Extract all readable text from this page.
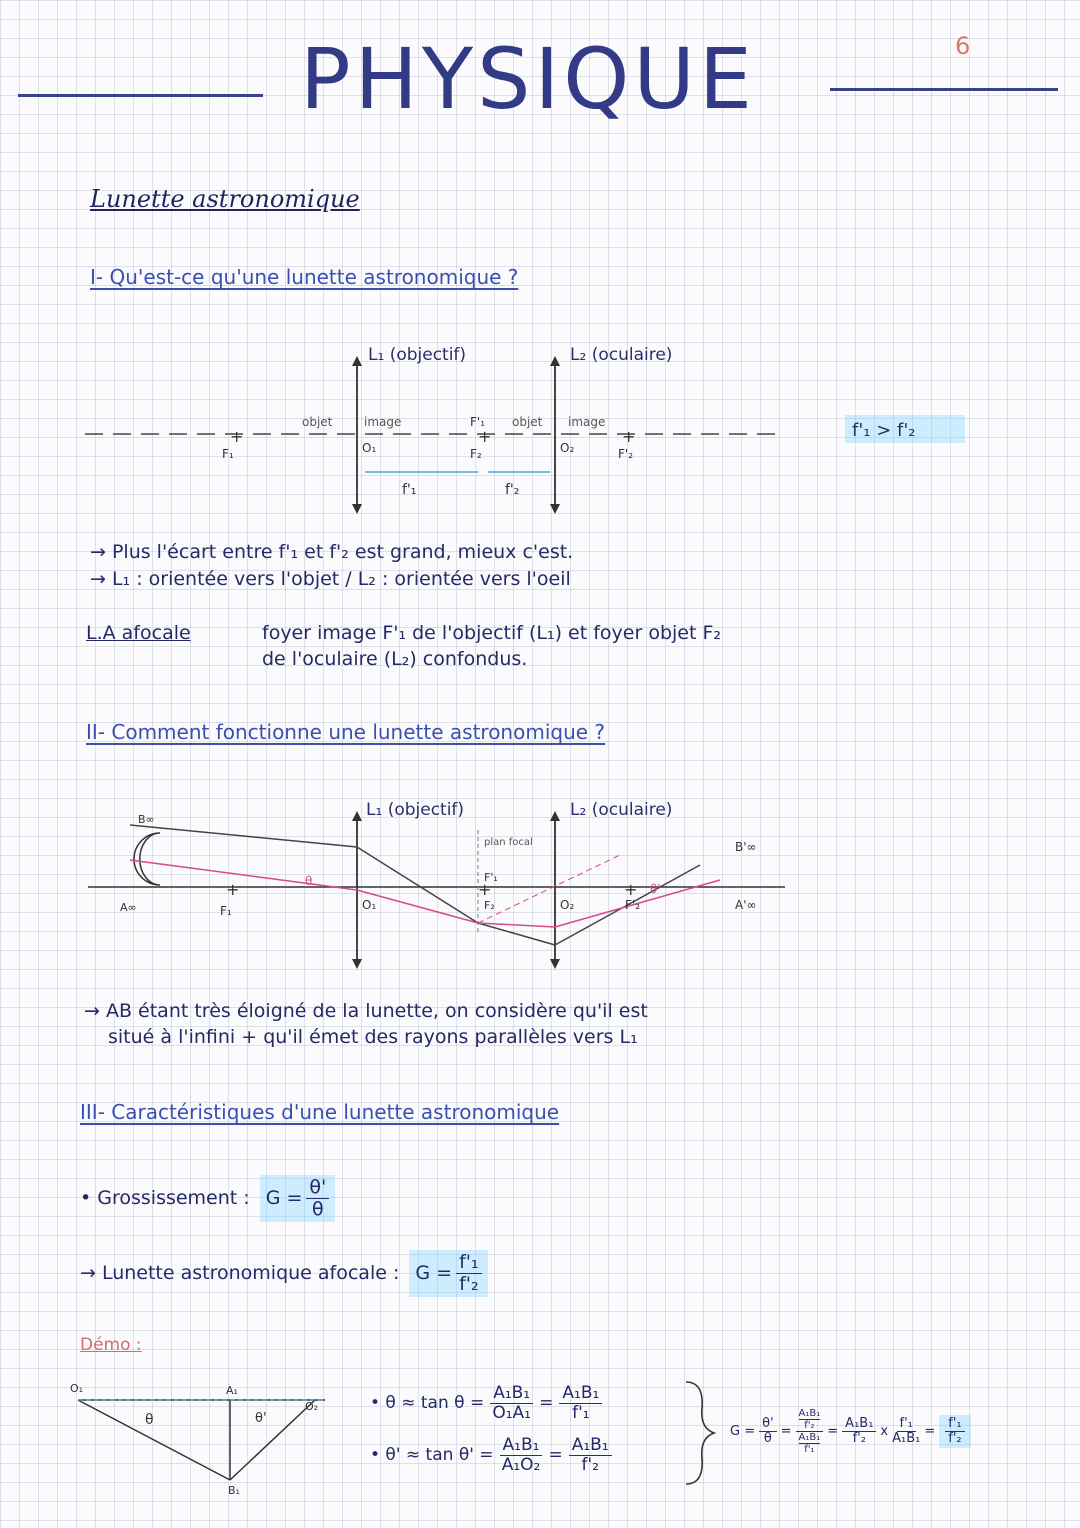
PHYSIQUE	6
Lunette astronomique
I- Qu'est-ce qu'une lunette astronomique ?
+	+	+
L₁ (objectif)	L₂ (oculaire)
F₁	O₁
F'₁
F₂	O₂	F'₂
objet	image	objet image
f'₁	f'₂
f'₁ > f'₂
→ Plus l'écart entre f'₁ et f'₂ est grand, mieux c'est.
→ L₁ : orientée vers l'objet / L₂ : orientée vers l'oeil
L.A afocale	foyer image F'₁ de l'objectif (L₁) et foyer objet F₂
de l'oculaire (L₂) confondus.
II- Comment fonctionne une lunette astronomique ?
+	+	+
L₁ (objectif)	L₂ (oculaire)
B∞
A∞	F₁	O₁
plan focal
F'₁
F₂	O₂	F'₂
B'∞
A'∞
θ
θ'
→ AB étant très éloigné de la lunette, on considère qu'il est
situé à l'infini + qu'il émet des rayons parallèles vers L₁
III- Caractéristiques d'une lunette astronomique
• Grossissement : $G = \frac{\theta'}{\theta}$
→ Lunette astronomique afocale : $G = \frac{\text{f'₁}}{\text{f'₂}}$
Démo :
O₁	A₁
O₂
B₁
θ	θ'
• $\theta \approx \tan \theta = \frac{\text{A₁B₁}}{\text{O₁A₁}} = \frac{\text{A₁B₁}}{\text{f'₁}}$
• $\theta' \approx \tan \theta' = \frac{\text{A₁B₁}}{\text{A₁O₂}} = \frac{\text{A₁B₁}}{\text{f'₂}}$
$G = \frac{\theta'}{\theta} = \frac{\frac{\text{A₁B₁}}{\text{f'₂}}}{\frac{\text{A₁B₁}}{\text{f'₁}}} = \frac{\text{A₁B₁}}{\text{f'₂}}$ x $\frac{\text{f'₁}}{\text{A₁B₁}} = \frac{\text{f'₁}}{\text{f'₂}}$
